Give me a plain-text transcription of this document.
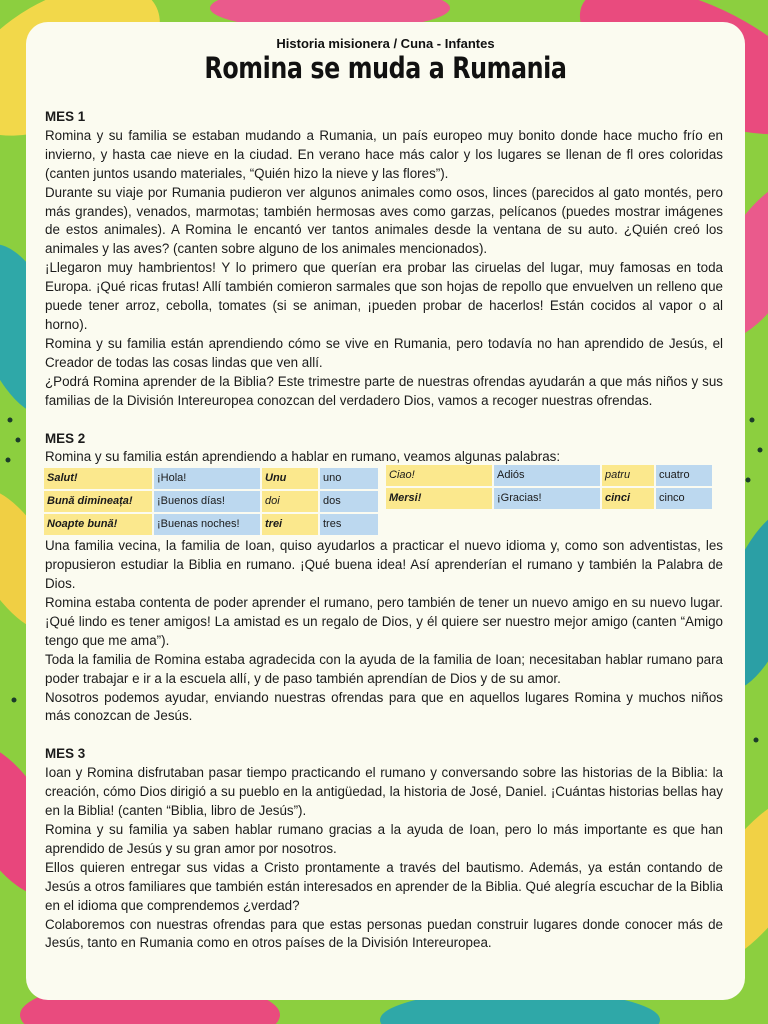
Historia misionera / Cuna - Infantes
Romina se muda a Rumania

MES 1

Romina y su familia se estaban mudando a Rumania, un país europeo muy bonito donde hace mucho frío en invierno, y hasta cae nieve en la ciudad. En verano hace más calor y los lugares se llenan de fl ores coloridas (canten juntos usando materiales, “Quién hizo la nieve y las flores”).

Durante su viaje por Rumania pudieron ver algunos animales como osos, linces (parecidos al gato montés, pero más grandes), venados, marmotas; también hermosas aves como garzas, pelícanos (puedes mostrar imágenes de estos animales). A Romina le encantó ver tantos animales desde la ventana de su auto. ¿Quién creó los animales y las aves? (canten sobre alguno de los animales mencionados).

¡Llegaron muy hambrientos! Y lo primero que querían era probar las ciruelas del lugar, muy famosas en toda Europa. ¡Qué ricas frutas! Allí también comieron sarmales que son hojas de repollo que envuelven un relleno que puede tener arroz, cebolla, tomates (si se animan, ¡pueden probar de hacerlos! Están cocidos al vapor o al horno).

Romina y su familia están aprendiendo cómo se vive en Rumania, pero todavía no han aprendido de Jesús, el Creador de todas las cosas lindas que ven allí.

¿Podrá Romina aprender de la Biblia? Este trimestre parte de nuestras ofrendas ayudarán a que más niños y sus familias de la División Intereuropea conozcan del verdadero Dios, vamos a recoger nuestras ofrendas.

MES 2

Romina y su familia están aprendiendo a hablar en rumano, veamos algunas palabras:

Salut!	¡Hola!	Unu	uno
Bună dimineața!	¡Buenos días!	doi	dos
Noapte bună!	¡Buenas noches!	trei	tres
Ciao!	Adiós	patru	cuatro
Mersi!	¡Gracias!	cinci	cinco

Una familia vecina, la familia de Ioan, quiso ayudarlos a practicar el nuevo idioma y, como son adventistas, les propusieron estudiar la Biblia en rumano. ¡Qué buena idea! Así aprenderían el rumano y también la Palabra de Dios.

Romina estaba contenta de poder aprender el rumano, pero también de tener un nuevo amigo en su nuevo lugar. ¡Qué lindo es tener amigos! La amistad es un regalo de Dios, y él quiere ser nuestro mejor amigo (canten “Amigo tengo que me ama”).

Toda la familia de Romina estaba agradecida con la ayuda de la familia de Ioan; necesitaban hablar rumano para poder trabajar e ir a la escuela allí, y de paso también aprendían de Dios y de su amor.

Nosotros podemos ayudar, enviando nuestras ofrendas para que en aquellos lugares Romina y muchos niños más conozcan de Jesús.

MES 3

Ioan y Romina disfrutaban pasar tiempo practicando el rumano y conversando sobre las historias de la Biblia: la creación, cómo Dios dirigió a su pueblo en la antigüedad, la historia de José, Daniel. ¡Cuántas historias bellas hay en la Biblia! (canten “Biblia, libro de Jesús”).

Romina y su familia ya saben hablar rumano gracias a la ayuda de Ioan, pero lo más importante es que han aprendido de Jesús y su gran amor por nosotros.

Ellos quieren entregar sus vidas a Cristo prontamente a través del bautismo. Además, ya están contando de Jesús a otros familiares que también están interesados en aprender de la Biblia. Qué alegría escuchar de la Biblia en el idioma que comprendemos ¿verdad?

Colaboremos con nuestras ofrendas para que estas personas puedan construir lugares donde conocer más de Jesús, tanto en Rumania como en otros países de la División Intereuropea.
